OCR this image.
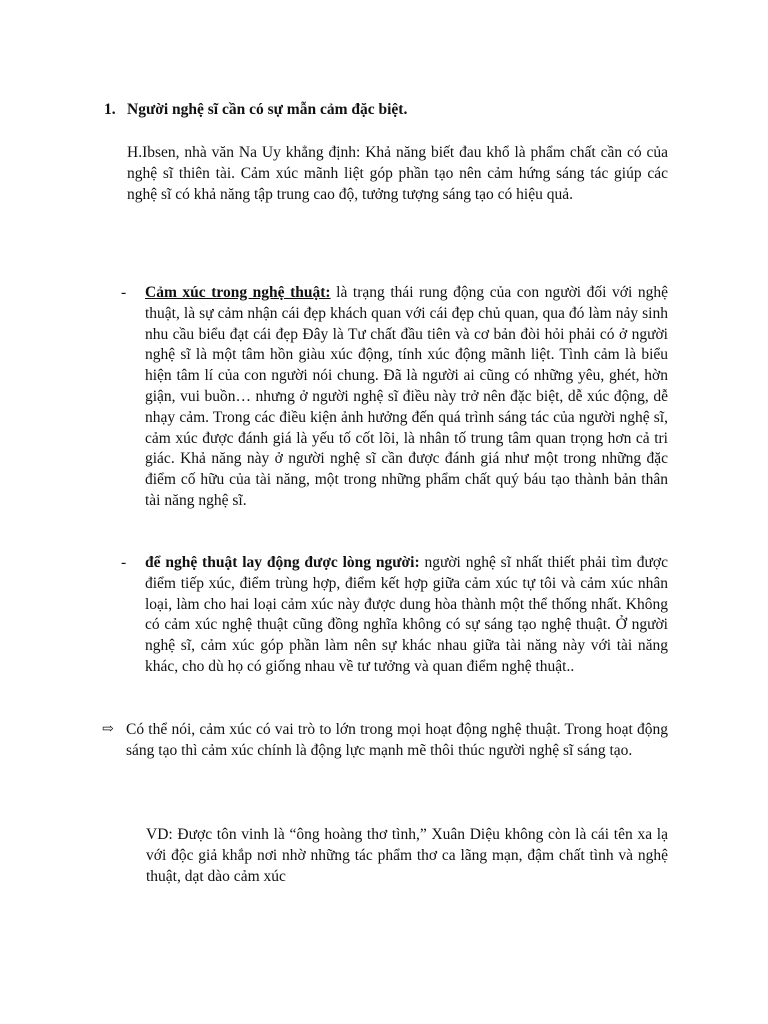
1. Người nghệ sĩ cần có sự mẫn cảm đặc biệt.

H.Ibsen, nhà văn Na Uy khẳng định: Khả năng biết đau khổ là phẩm chất cần có của nghệ sĩ thiên tài. Cảm xúc mãnh liệt góp phần tạo nên cảm hứng sáng tác giúp các nghệ sĩ có khả năng tập trung cao độ, tưởng tượng sáng tạo có hiệu quả.

- Cảm xúc trong nghệ thuật: là trạng thái rung động của con người đối với nghệ thuật, là sự cảm nhận cái đẹp khách quan với cái đẹp chủ quan, qua đó làm nảy sinh nhu cầu biểu đạt cái đẹp Đây là Tư chất đầu tiên và cơ bản đòi hỏi phải có ở người nghệ sĩ là một tâm hồn giàu xúc động, tính xúc động mãnh liệt. Tình cảm là biểu hiện tâm lí của con người nói chung. Đã là người ai cũng có những yêu, ghét, hờn giận, vui buồn… nhưng ở người nghệ sĩ điều này trở nên đặc biệt, dễ xúc động, dễ nhạy cảm. Trong các điều kiện ảnh hưởng đến quá trình sáng tác của người nghệ sĩ, cảm xúc được đánh giá là yếu tố cốt lõi, là nhân tố trung tâm quan trọng hơn cả tri giác. Khả năng này ở người nghệ sĩ cần được đánh giá như một trong những đặc điểm cố hữu của tài năng, một trong những phẩm chất quý báu tạo thành bản thân tài năng nghệ sĩ.
- để nghệ thuật lay động được lòng người: người nghệ sĩ nhất thiết phải tìm được điểm tiếp xúc, điểm trùng hợp, điểm kết hợp giữa cảm xúc tự tôi và cảm xúc nhân loại, làm cho hai loại cảm xúc này được dung hòa thành một thể thống nhất. Không có cảm xúc nghệ thuật cũng đồng nghĩa không có sự sáng tạo nghệ thuật. Ở người nghệ sĩ, cảm xúc góp phần làm nên sự khác nhau giữa tài năng này với tài năng khác, cho dù họ có giống nhau về tư tưởng và quan điểm nghệ thuật..
⇨ Có thể nói, cảm xúc có vai trò to lớn trong mọi hoạt động nghệ thuật. Trong hoạt động sáng tạo thì cảm xúc chính là động lực mạnh mẽ thôi thúc người nghệ sĩ sáng tạo.

VD: Được tôn vinh là “ông hoàng thơ tình,” Xuân Diệu không còn là cái tên xa lạ với độc giả khắp nơi nhờ những tác phẩm thơ ca lãng mạn, đậm chất tình và nghệ thuật, dạt dào cảm xúc
